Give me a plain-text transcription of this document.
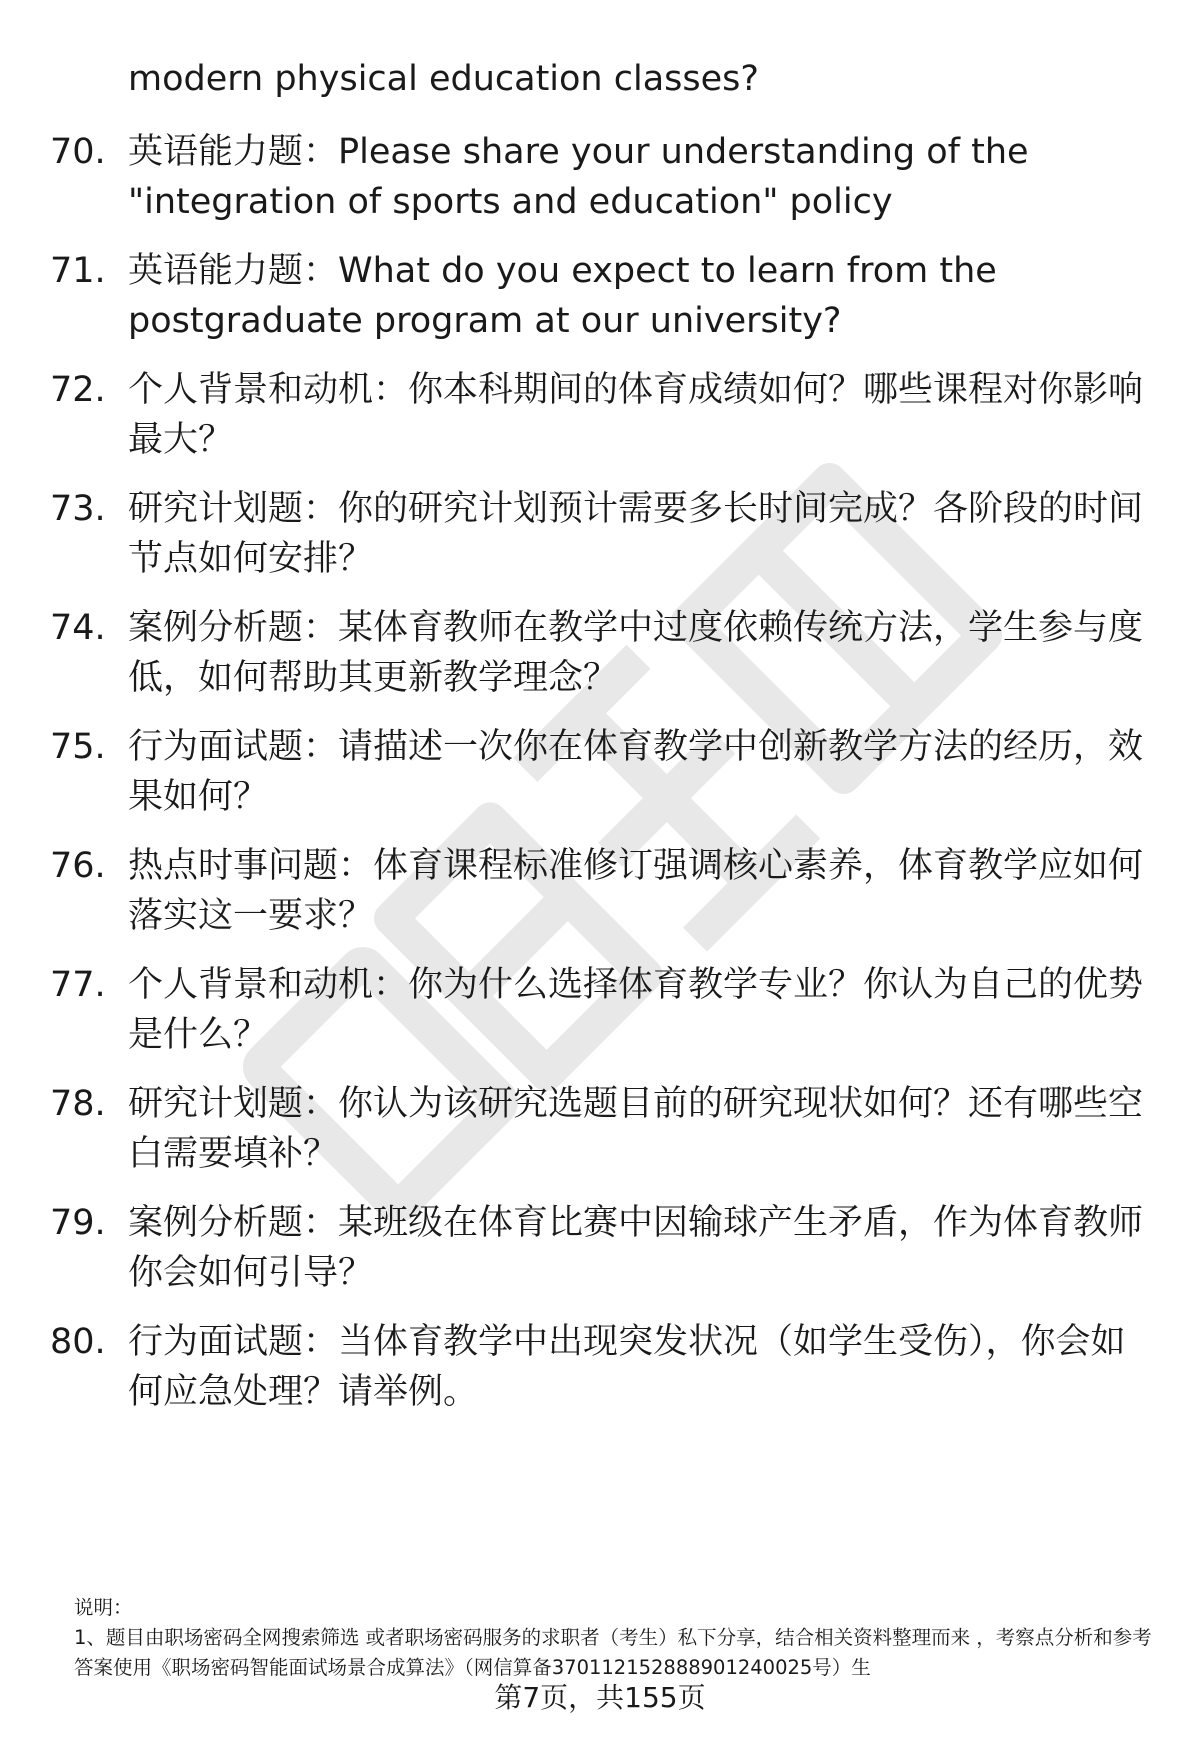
modern physical education classes?
70. 英语能力题：Please share your understanding of the "integration of sports and education" policy
71. 英语能力题：What do you expect to learn from the postgraduate program at our university?
72. 个人背景和动机：你本科期间的体育成绩如何？哪些课程对你影响最大？
73. 研究计划题：你的研究计划预计需要多长时间完成？各阶段的时间节点如何安排？
74. 案例分析题：某体育教师在教学中过度依赖传统方法，学生参与度低，如何帮助其更新教学理念？
75. 行为面试题：请描述一次你在体育教学中创新教学方法的经历，效果如何？
76. 热点时事问题：体育课程标准修订强调核心素养，体育教学应如何落实这一要求？
77. 个人背景和动机：你为什么选择体育教学专业？你认为自己的优势是什么？
78. 研究计划题：你认为该研究选题目前的研究现状如何？还有哪些空白需要填补？
79. 案例分析题：某班级在体育比赛中因输球产生矛盾，作为体育教师你会如何引导？
80. 行为面试题：当体育教学中出现突发状况（如学生受伤），你会如何应急处理？请举例。
说明：
1、题目由职场密码全网搜索筛选 或者职场密码服务的求职者（考生）私下分享，结合相关资料整理而来 ，考察点分析和参考答案使用《职场密码智能面试场景合成算法》（网信算备37011215288890124002​5号）生
第7页，共155页
